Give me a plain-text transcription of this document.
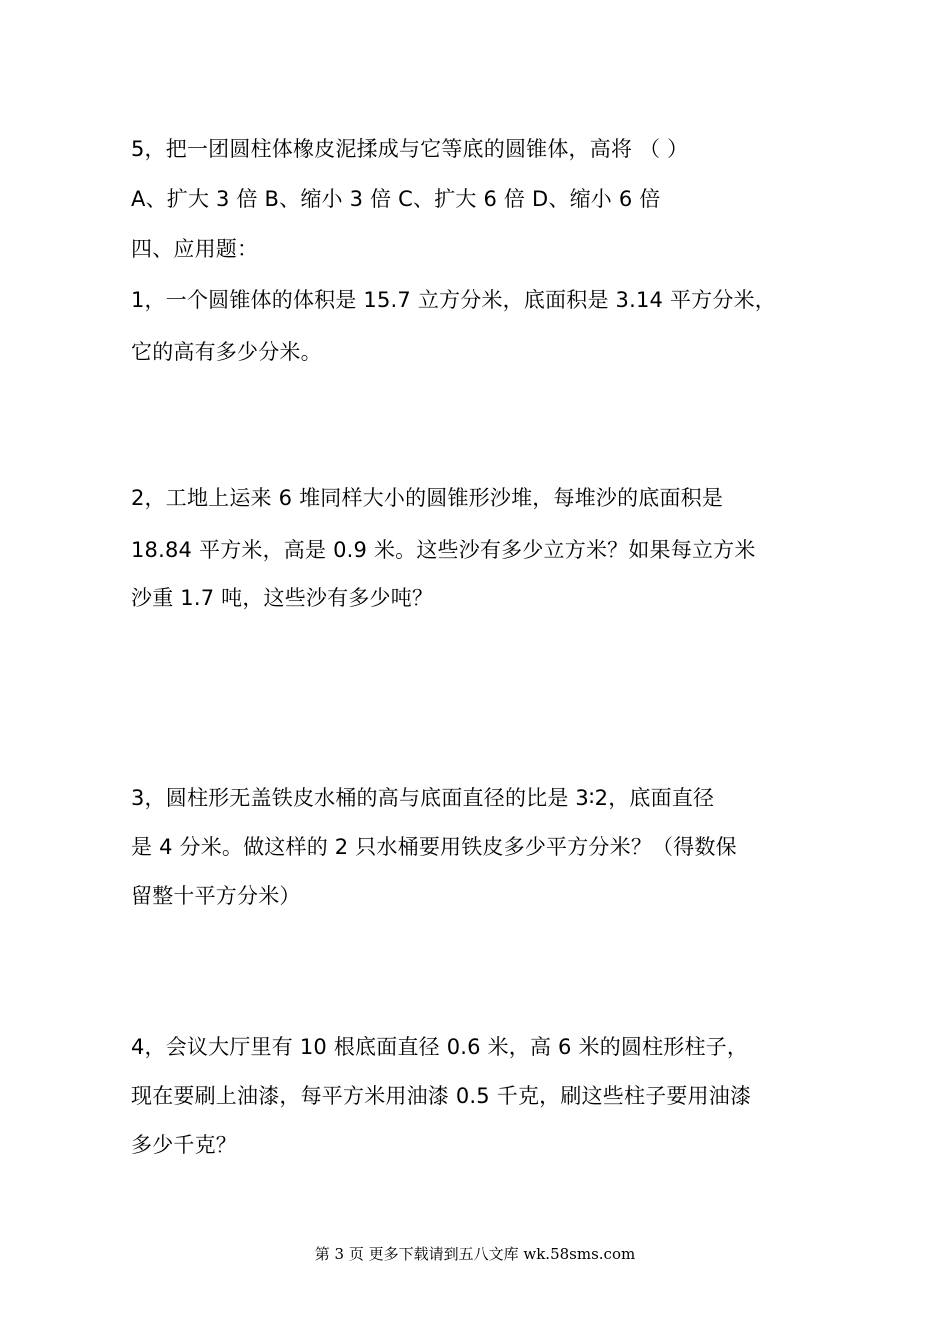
5，把一团圆柱体橡皮泥揉成与它等底的圆锥体，高将 （ ）
A、扩大 3 倍 B、缩小 3 倍 C、扩大 6 倍 D、缩小 6 倍
四、应用题：
1，一个圆锥体的体积是 15.7 立方分米，底面积是 3.14 平方分米，
它的高有多少分米。
2，工地上运来 6 堆同样大小的圆锥形沙堆，每堆沙的底面积是
18.84 平方米，高是 0.9 米。这些沙有多少立方米？如果每立方米
沙重 1.7 吨，这些沙有多少吨？
3，圆柱形无盖铁皮水桶的高与底面直径的比是 3∶2，底面直径
是 4 分米。做这样的 2 只水桶要用铁皮多少平方分米？（得数保
留整十平方分米）
4，会议大厅里有 10 根底面直径 0.6 米，高 6 米的圆柱形柱子，
现在要刷上油漆，每平方米用油漆 0.5 千克，刷这些柱子要用油漆
多少千克？
第 3 页 更多下载请到五八文库 wk.58sms.com
